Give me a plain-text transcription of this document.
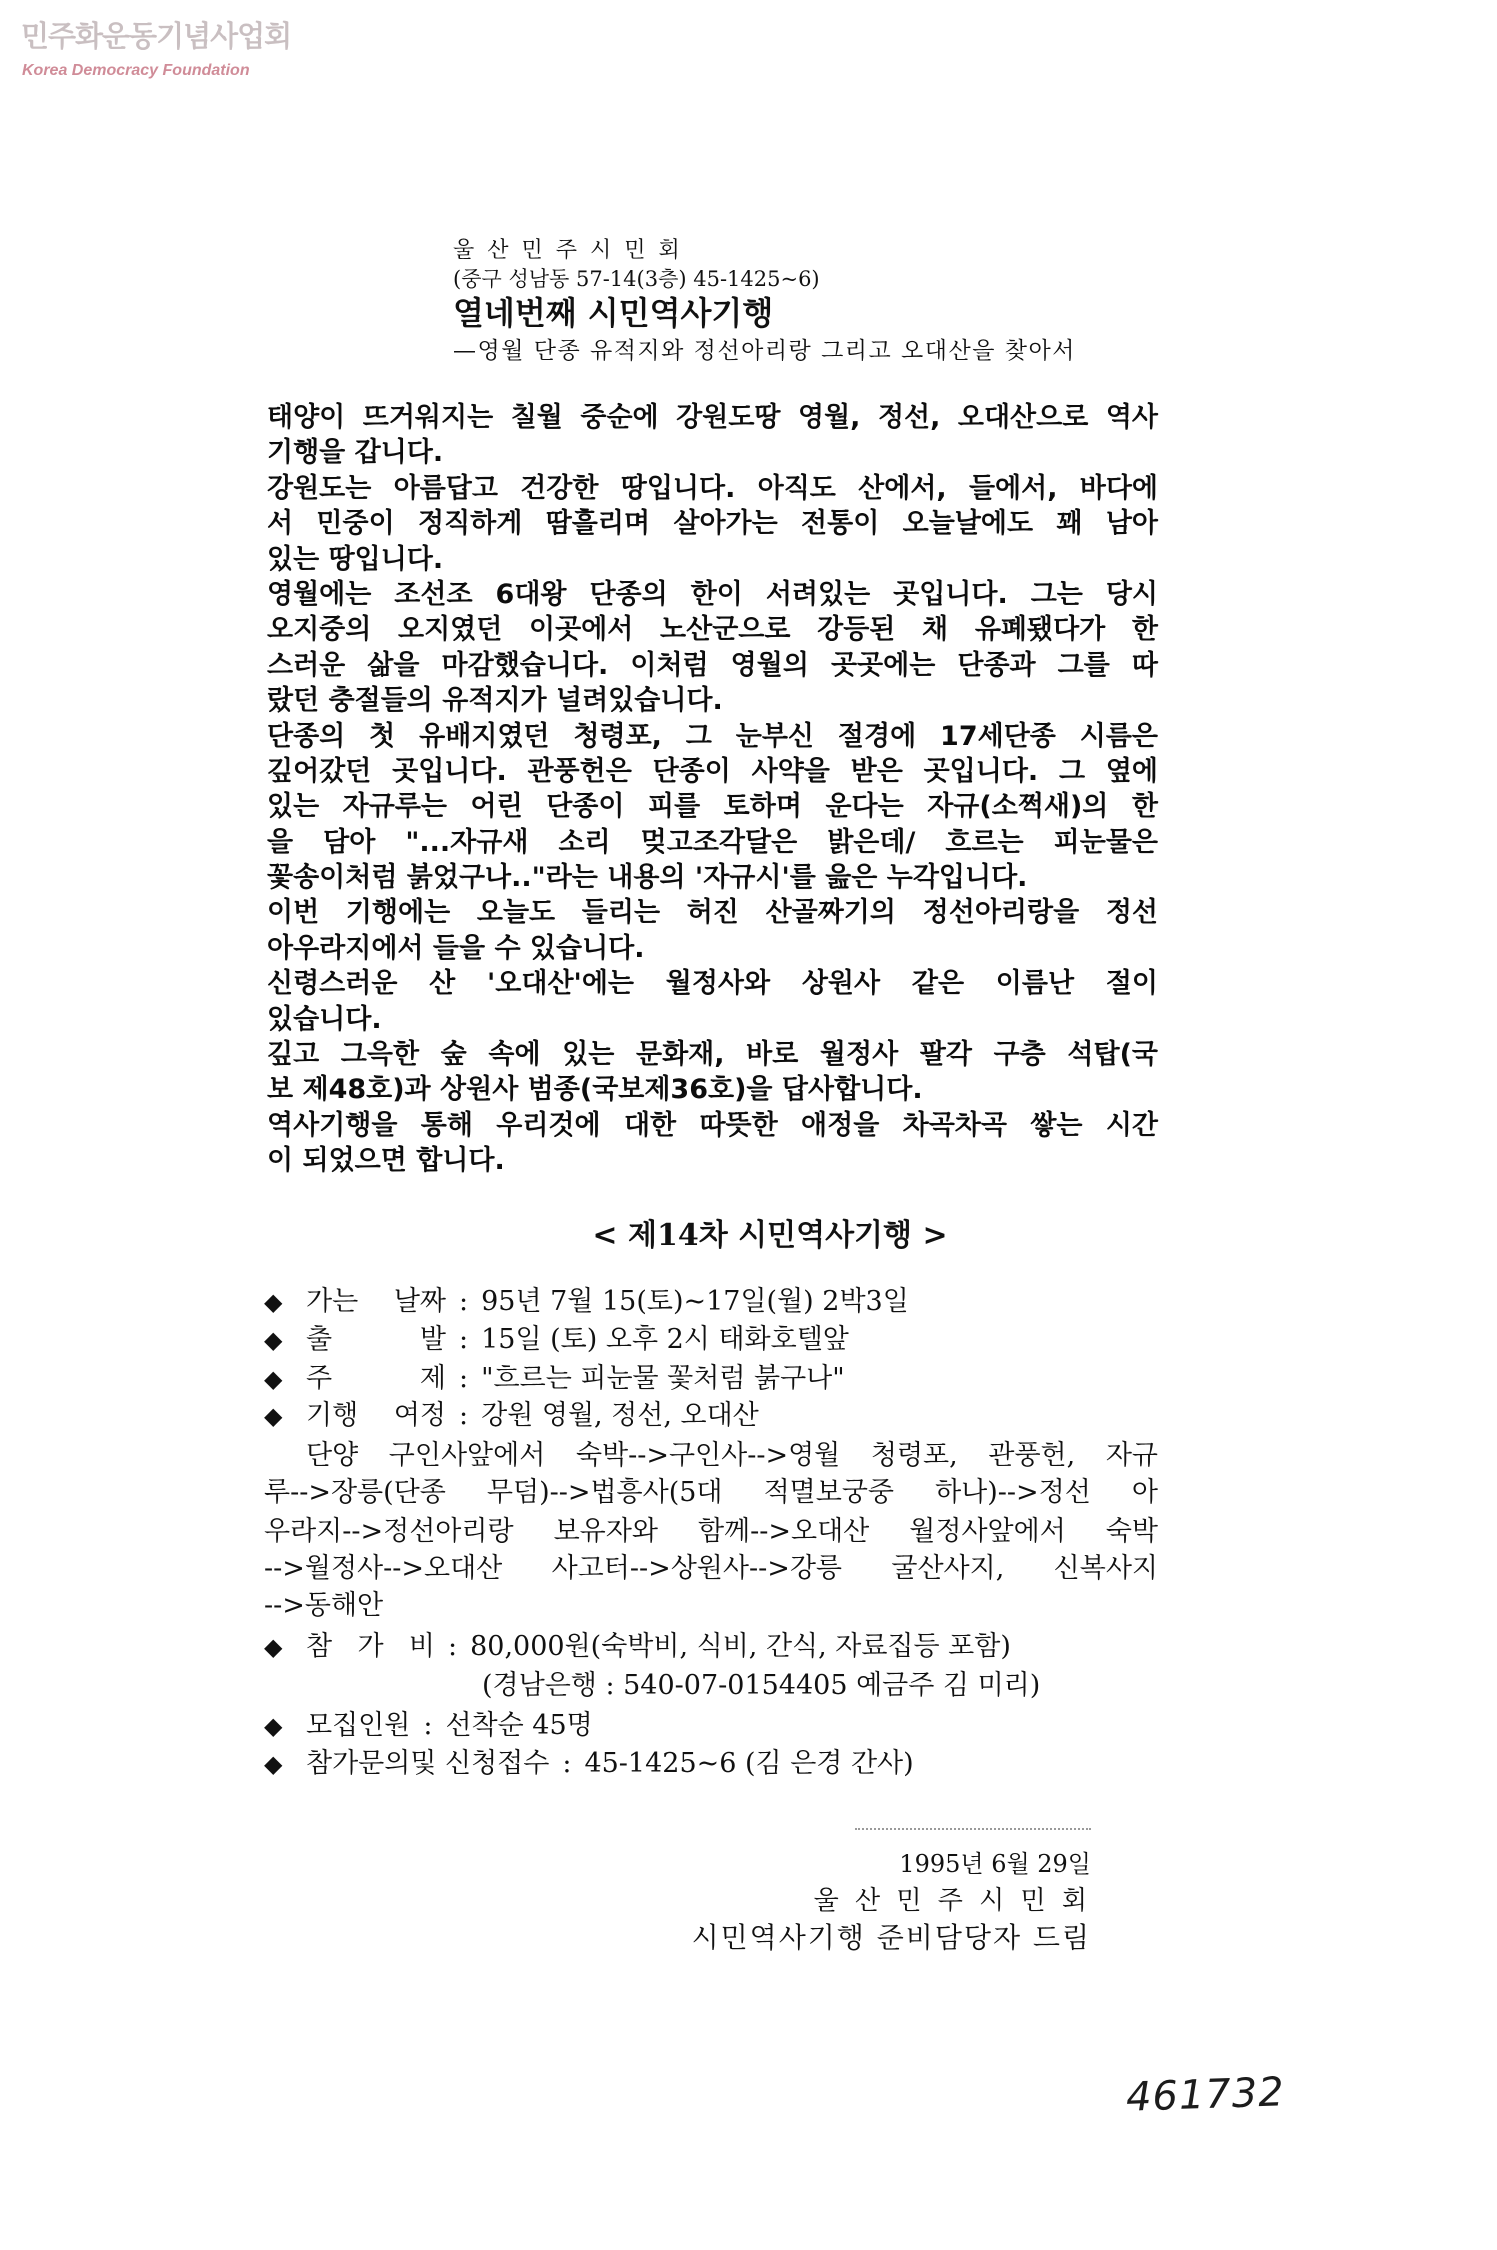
민주화운동기념사업회
Korea Democracy Foundation
울 산 민 주 시 민 회
(중구 성남동 57-14(3층) 45-1425~6)
열네번째 시민역사기행
—영월 단종 유적지와 정선아리랑 그리고 오대산을 찾아서
태양이 뜨거워지는 칠월 중순에 강원도땅 영월, 정선, 오대산으로 역사
기행을 갑니다.
강원도는 아름답고 건강한 땅입니다. 아직도 산에서, 들에서, 바다에
서 민중이 정직하게 땀흘리며 살아가는 전통이 오늘날에도 꽤 남아
있는 땅입니다.
영월에는 조선조 6대왕 단종의 한이 서려있는 곳입니다. 그는 당시
오지중의 오지였던 이곳에서 노산군으로 강등된 채 유폐됐다가 한
스러운 삶을 마감했습니다. 이처럼 영월의 곳곳에는 단종과 그를 따
랐던 충절들의 유적지가 널려있습니다.
단종의 첫 유배지였던 청령포, 그 눈부신 절경에 17세단종 시름은
깊어갔던 곳입니다. 관풍헌은 단종이 사약을 받은 곳입니다. 그 옆에
있는 자규루는 어린 단종이 피를 토하며 운다는 자규(소쩍새)의 한
을 담아 "...자규새 소리 멎고조각달은 밝은데/ 흐르는 피눈물은
꽃송이처럼 붉었구나.."라는 내용의 '자규시'를 읊은 누각입니다.
이번 기행에는 오늘도 들리는 허진 산골짜기의 정선아리랑을 정선
아우라지에서 들을 수 있습니다.
신령스러운 산 '오대산'에는 월정사와 상원사 같은 이름난 절이
있습니다.
깊고 그윽한 숲 속에 있는 문화재, 바로 월정사 팔각 구층 석탑(국
보 제48호)과 상원사 범종(국보제36호)을 답사합니다.
역사기행을 통해 우리것에 대한 따뜻한 애정을 차곡차곡 쌓는 시간
이 되었으면 합니다.
< 제14차 시민역사기행 >
◆ 가는 날짜 : 95년 7월 15(토)~17일(월) 2박3일
◆ 출 발 : 15일 (토) 오후 2시 태화호텔앞
◆ 주 제 : "흐르는 피눈물 꽃처럼 붉구나"
◆ 기행 여정 : 강원 영월, 정선, 오대산
단양 구인사앞에서 숙박-->구인사-->영월 청령포, 관풍헌, 자규
루-->장릉(단종 무덤)-->법흥사(5대 적멸보궁중 하나)-->정선 아
우라지-->정선아리랑 보유자와 함께-->오대산 월정사앞에서 숙박
-->월정사-->오대산 사고터-->상원사-->강릉 굴산사지, 신복사지
-->동해안
◆ 참 가 비 : 80,000원(숙박비, 식비, 간식, 자료집등 포함)
(경남은행 : 540-07-0154405 예금주 김 미리)
◆ 모집인원 : 선착순 45명
◆ 참가문의및 신청접수 : 45-1425~6 (김 은경 간사)
1995년 6월 29일
울 산 민 주 시 민 회
시민역사기행 준비담당자 드림
461732
